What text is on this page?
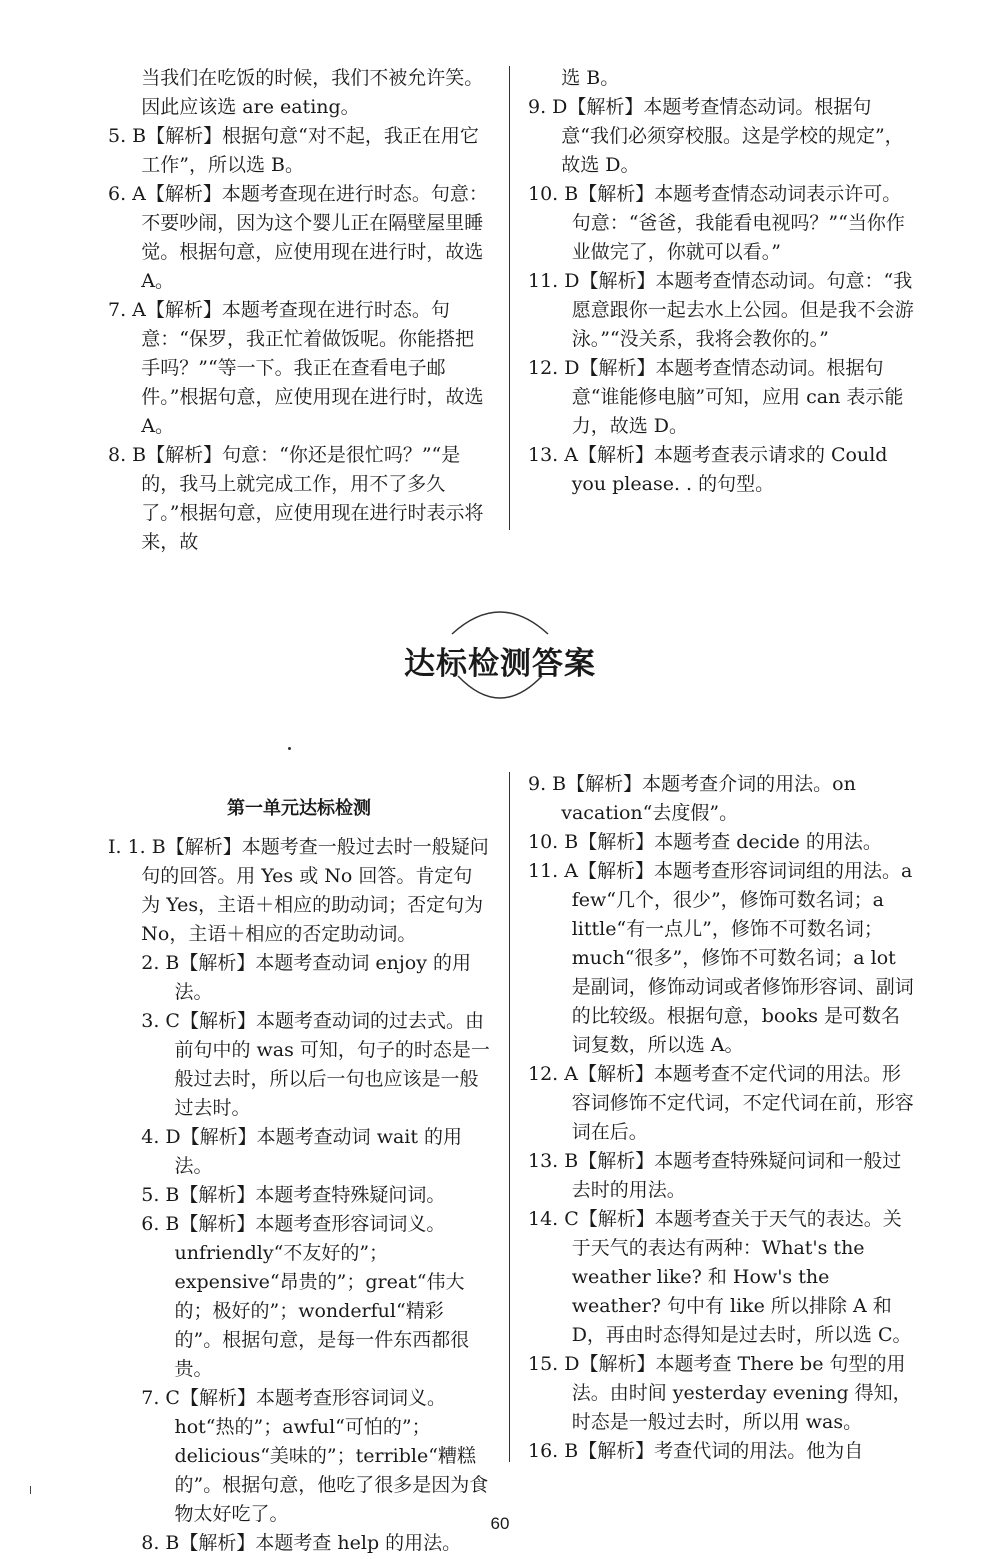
当我们在吃饭的时候，我们不被允许笑。

因此应该选 are eating。

5. B【解析】根据句意“对不起，我正在用它工作”，所以选 B。

6. A【解析】本题考查现在进行时态。句意：不要吵闹，因为这个婴儿正在隔壁屋里睡觉。根据句意，应使用现在进行时，故选 A。

7. A【解析】本题考查现在进行时态。句意：“保罗，我正忙着做饭呢。你能搭把手吗？”“等一下。我正在查看电子邮件。”根据句意，应使用现在进行时，故选 A。

8. B【解析】句意：“你还是很忙吗？”“是的，我马上就完成工作，用不了多久了。”根据句意，应使用现在进行时表示将来，故

选 B。

9. D【解析】本题考查情态动词。根据句意“我们必须穿校服。这是学校的规定”，故选 D。

10. B【解析】本题考查情态动词表示许可。句意：“爸爸，我能看电视吗？”“当你作业做完了，你就可以看。”

11. D【解析】本题考查情态动词。句意：“我愿意跟你一起去水上公园。但是我不会游泳。”“没关系，我将会教你的。”

12. D【解析】本题考查情态动词。根据句意“谁能修电脑”可知，应用 can 表示能力，故选 D。

13. A【解析】本题考查表示请求的 Could you please. . 的句型。

达标检测答案
第一单元达标检测

Ⅰ. 1. B【解析】本题考查一般过去时一般疑问句的回答。用 Yes 或 No 回答。肯定句为 Yes，主语＋相应的助动词；否定句为 No，主语＋相应的否定助动词。

2. B【解析】本题考查动词 enjoy 的用法。

3. C【解析】本题考查动词的过去式。由前句中的 was 可知，句子的时态是一般过去时，所以后一句也应该是一般过去时。

4. D【解析】本题考查动词 wait 的用法。

5. B【解析】本题考查特殊疑问词。

6. B【解析】本题考查形容词词义。unfriendly“不友好的”；expensive“昂贵的”；great“伟大的；极好的”；wonderful“精彩的”。根据句意，是每一件东西都很贵。

7. C【解析】本题考查形容词词义。hot“热的”；awful“可怕的”；delicious“美味的”；terrible“糟糕的”。根据句意，他吃了很多是因为食物太好吃了。

8. B【解析】本题考查 help 的用法。

9. B【解析】本题考查介词的用法。on vacation“去度假”。

10. B【解析】本题考查 decide 的用法。

11. A【解析】本题考查形容词词组的用法。a few“几个，很少”，修饰可数名词；a little“有一点儿”，修饰不可数名词；much“很多”，修饰不可数名词；a lot 是副词，修饰动词或者修饰形容词、副词的比较级。根据句意，books 是可数名词复数，所以选 A。

12. A【解析】本题考查不定代词的用法。形容词修饰不定代词，不定代词在前，形容词在后。

13. B【解析】本题考查特殊疑问词和一般过去时的用法。

14. C【解析】本题考查关于天气的表达。关于天气的表达有两种：What's the weather like? 和 How's the weather? 句中有 like 所以排除 A 和 D，再由时态得知是过去时，所以选 C。

15. D【解析】本题考查 There be 句型的用法。由时间 yesterday evening 得知，时态是一般过去时，所以用 was。

16. B【解析】考查代词的用法。他为自

60
